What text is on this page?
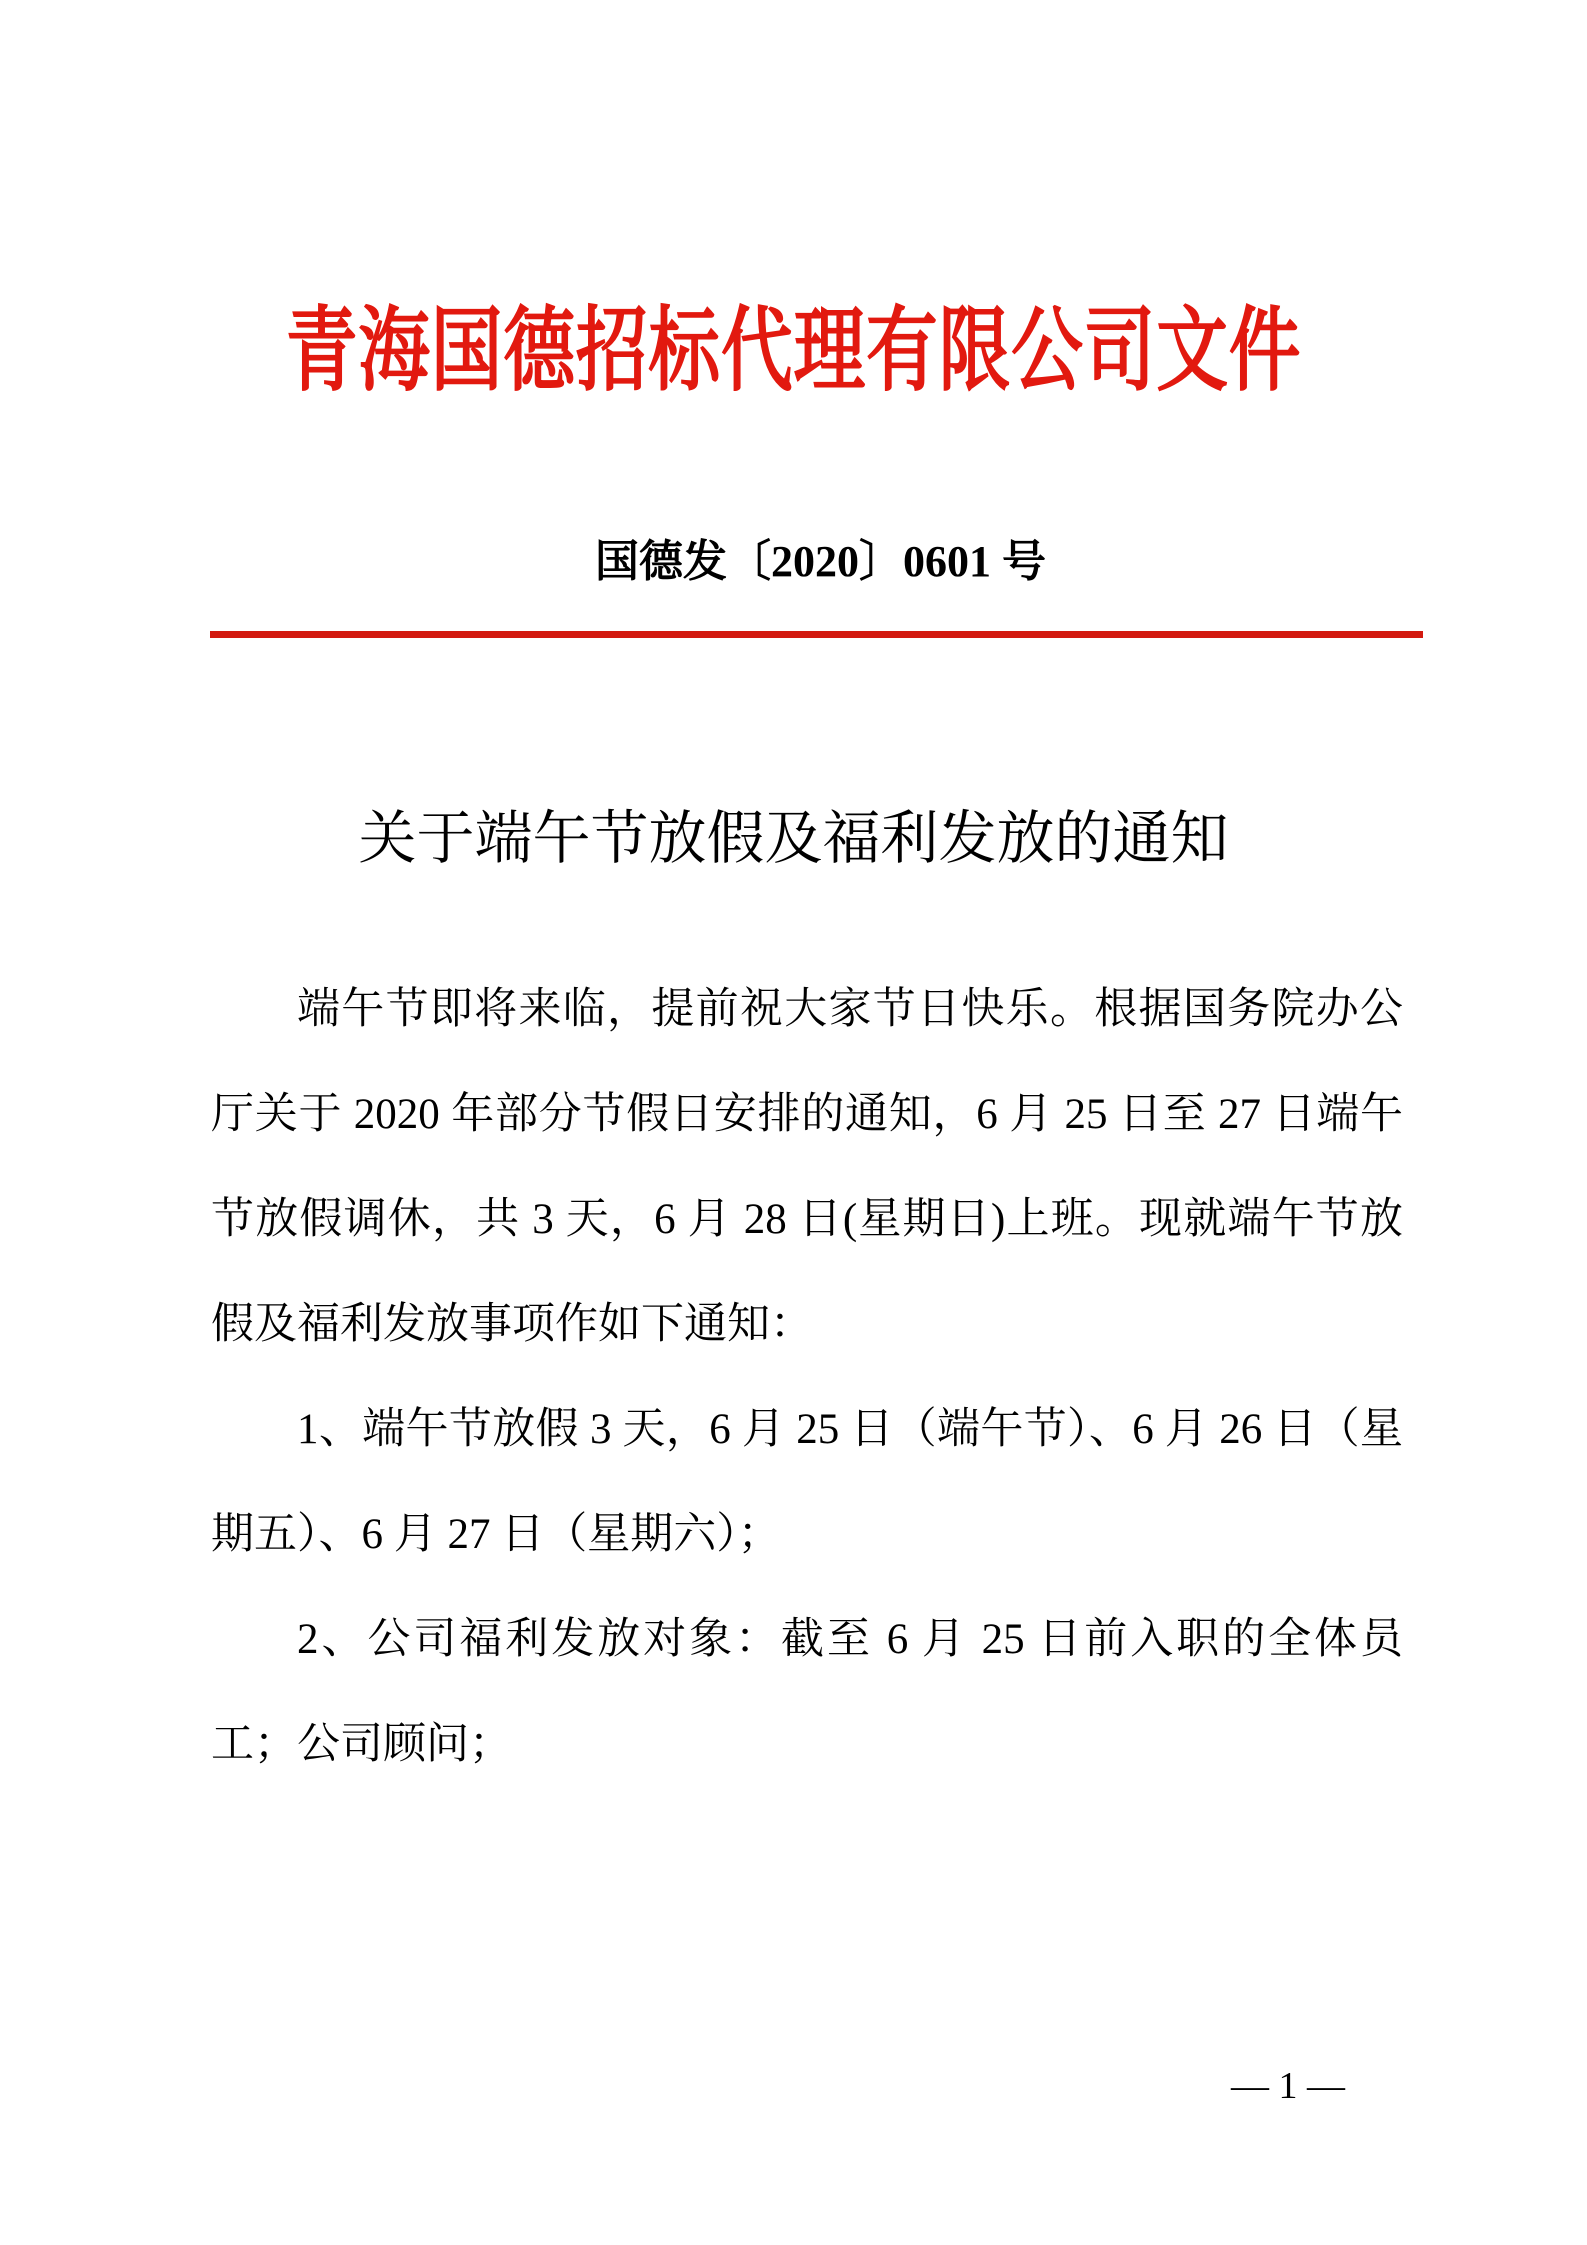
青海国德招标代理有限公司文件
国德发〔2020〕0601 号
关于端午节放假及福利发放的通知

端午节即将来临，提前祝大家节日快乐。根据国务院办公厅关于 2020 年部分节假日安排的通知，6 月 25 日至 27 日端午节放假调休，共 3 天，6 月 28 日(星期日)上班。现就端午节放假及福利发放事项作如下通知：

1、端午节放假 3 天，6 月 25 日（端午节）、6 月 26 日（星期五）、6 月 27 日（星期六）；

2、公司福利发放对象：截至 6 月 25 日前入职的全体员工；公司顾问；

— 1 —
